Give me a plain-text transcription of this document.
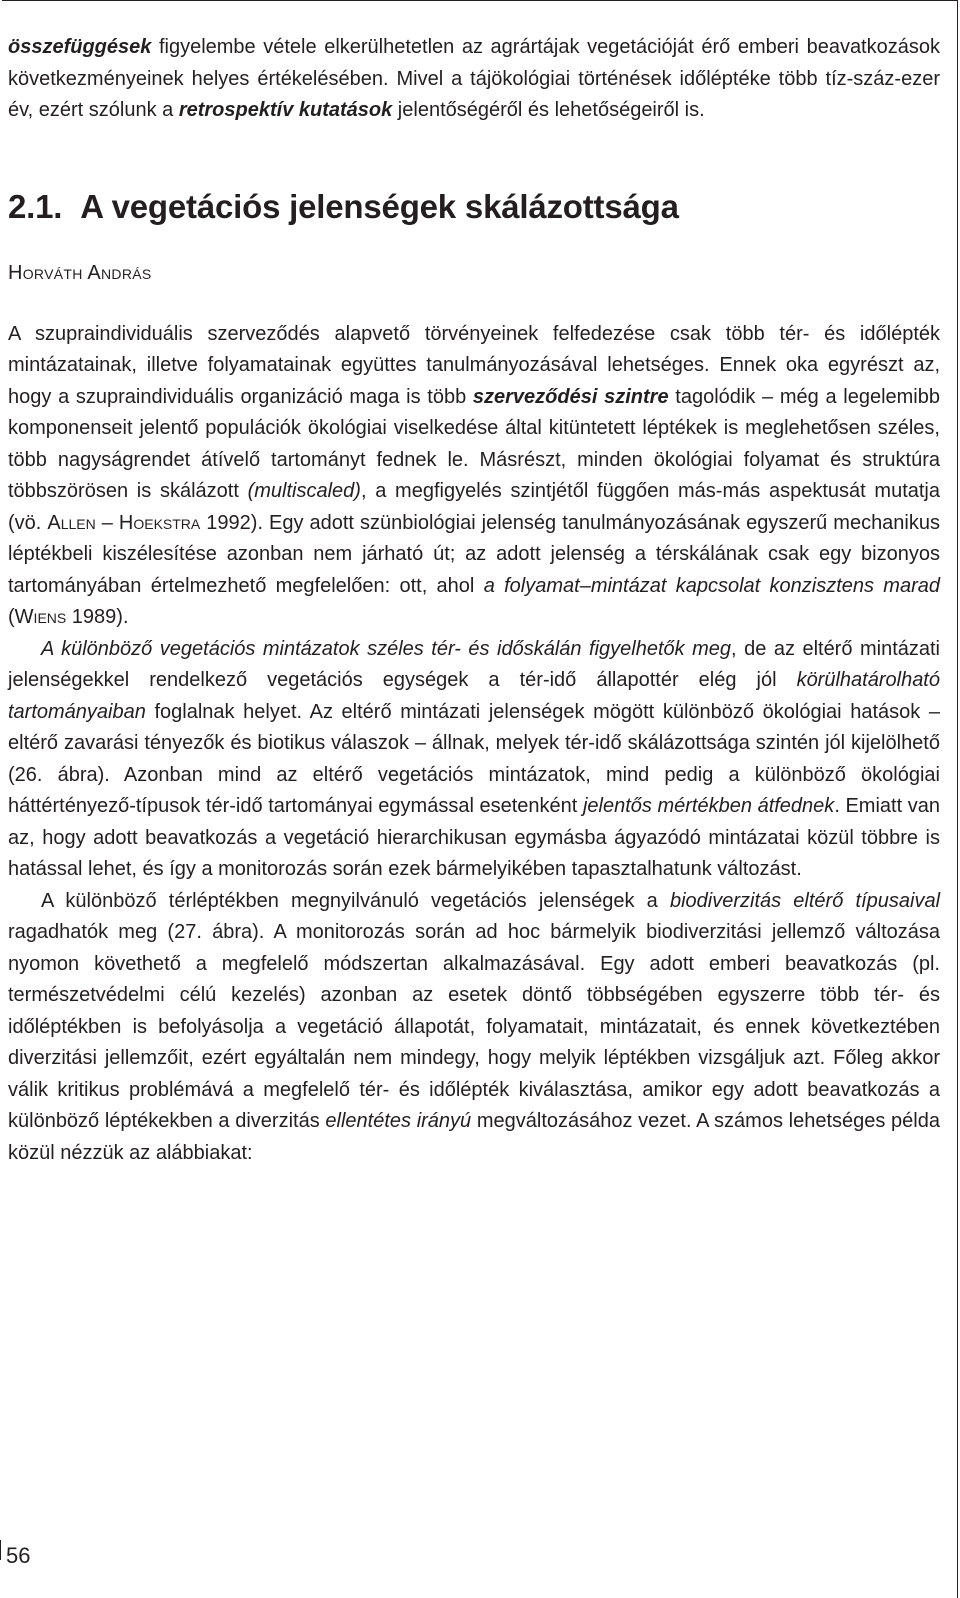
összefüggések figyelembe vétele elkerülhetetlen az agrártájak vegetációját érő emberi beavatkozások következményeinek helyes értékelésében. Mivel a tájökológiai történések időléptéke több tíz-száz-ezer év, ezért szólunk a retrospektív kutatások jelentőségéről és lehetőségeiről is.

2.1. A vegetációs jelenségek skálázottsága
Horváth András

A szupraindividuális szerveződés alapvető törvényeinek felfedezése csak több tér- és időlépték mintázatainak, illetve folyamatainak együttes tanulmányozásával lehetséges. Ennek oka egyrészt az, hogy a szupraindividuális organizáció maga is több szerveződési szintre tagolódik – még a legelemibb komponenseit jelentő populációk ökológiai viselkedése által kitüntetett léptékek is meglehetősen széles, több nagyságrendet átívelő tartományt fednek le. Másrészt, minden ökológiai folyamat és struktúra többszörösen is skálázott (multiscaled), a megfigyelés szintjétől függően más-más aspektusát mutatja (vö. Allen – Hoekstra 1992). Egy adott szünbiológiai jelenség tanulmányozásának egyszerű mechanikus léptékbeli kiszélesítése azonban nem járható út; az adott jelenség a térskálának csak egy bizonyos tartományában értelmezhető megfelelően: ott, ahol a folyamat–mintázat kapcsolat konzisztens marad (Wiens 1989).

A különböző vegetációs mintázatok széles tér- és időskálán figyelhetők meg, de az eltérő mintázati jelenségekkel rendelkező vegetációs egységek a tér-idő állapottér elég jól körülhatárolható tartományaiban foglalnak helyet. Az eltérő mintázati jelenségek mögött különböző ökológiai hatások – eltérő zavarási tényezők és biotikus válaszok – állnak, melyek tér-idő skálázottsága szintén jól kijelölhető (26. ábra). Azonban mind az eltérő vegetációs mintázatok, mind pedig a különböző ökológiai háttértényező-típusok tér-idő tartományai egymással esetenként jelentős mértékben átfednek. Emiatt van az, hogy adott beavatkozás a vegetáció hierarchikusan egymásba ágyazódó mintázatai közül többre is hatással lehet, és így a monitorozás során ezek bármelyikében tapasztalhatunk változást.

A különböző térléptékben megnyilvánuló vegetációs jelenségek a biodiverzitás eltérő típusaival ragadhatók meg (27. ábra). A monitorozás során ad hoc bármelyik biodiverzitási jellemző változása nyomon követhető a megfelelő módszertan alkalmazásával. Egy adott emberi beavatkozás (pl. természetvédelmi célú kezelés) azonban az esetek döntő többségében egyszerre több tér- és időléptékben is befolyásolja a vegetáció állapotát, folyamatait, mintázatait, és ennek következtében diverzitási jellemzőit, ezért egyáltalán nem mindegy, hogy melyik léptékben vizsgáljuk azt. Főleg akkor válik kritikus problémává a megfelelő tér- és időlépték kiválasztása, amikor egy adott beavatkozás a különböző léptékekben a diverzitás ellentétes irányú megváltozásához vezet. A számos lehetséges példa közül nézzük az alábbiakat:

56
